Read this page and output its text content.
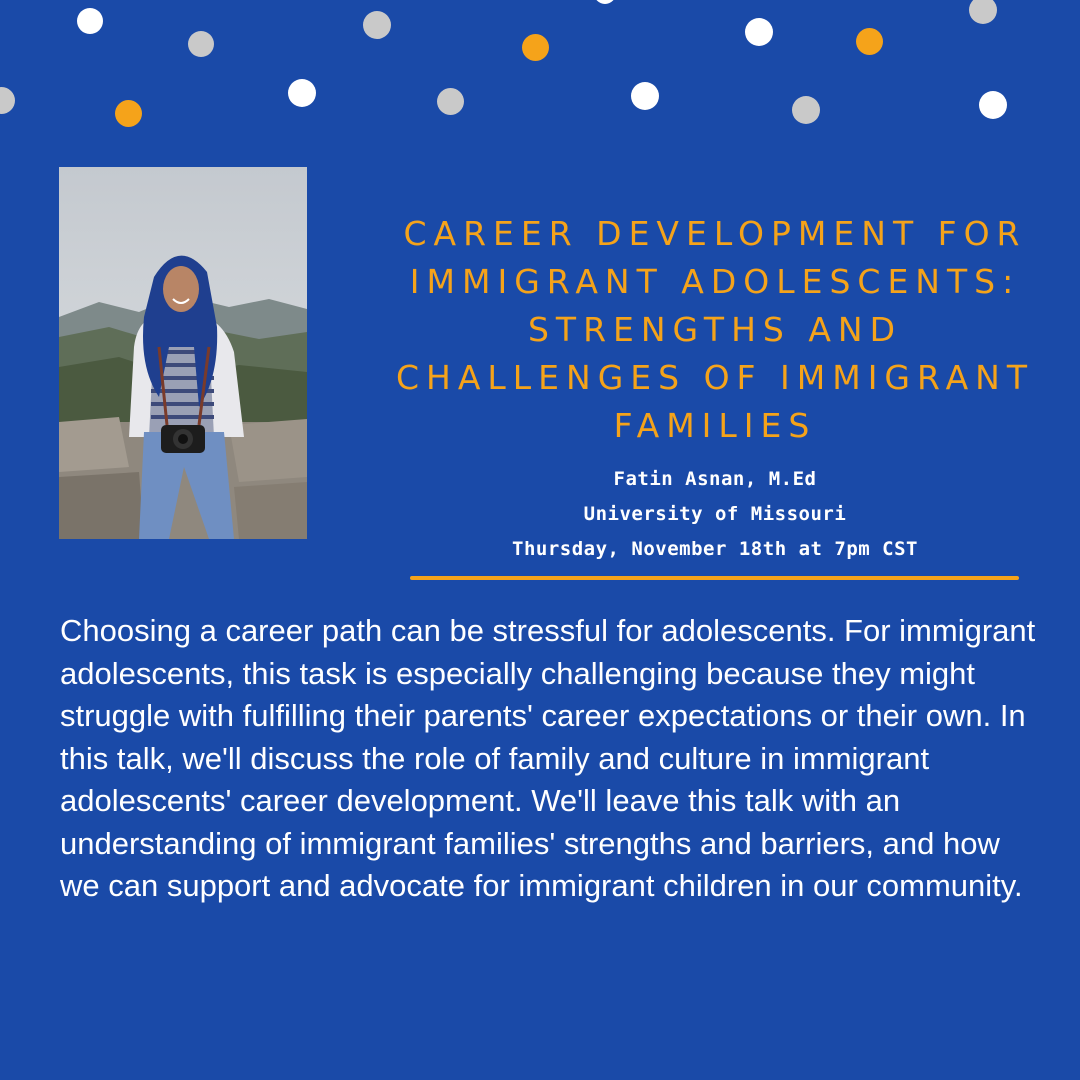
CAREER DEVELOPMENT FOR IMMIGRANT ADOLESCENTS: STRENGTHS AND CHALLENGES OF IMMIGRANT FAMILIES
Fatin Asnan, M.Ed
University of Missouri
Thursday, November 18th at 7pm CST

Choosing a career path can be stressful for adolescents. For immigrant adolescents, this task is especially challenging because they might struggle with fulfilling their parents' career expectations or their own. In this talk, we'll discuss the role of family and culture in immigrant adolescents' career development. We'll leave this talk with an understanding of immigrant families' strengths and barriers, and how we can support and advocate for immigrant children in our community.
